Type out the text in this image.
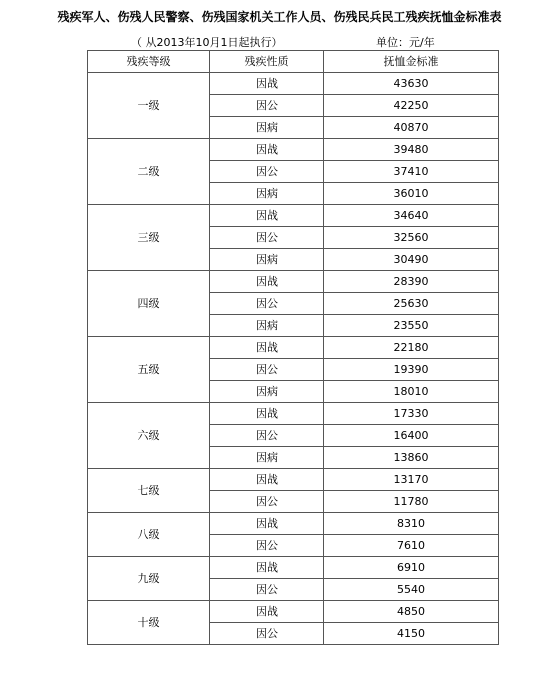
残疾军人、伤残人民警察、伤残国家机关工作人员、伤残民兵民工残疾抚恤金标准表
（ 从2013年10月1日起执行）	单位：元/年
残疾等级	残疾性质	抚恤金标准
一级	因战	43630
	因公	42250
	因病	40870
二级	因战	39480
	因公	37410
	因病	36010
三级	因战	34640
	因公	32560
	因病	30490
四级	因战	28390
	因公	25630
	因病	23550
五级	因战	22180
	因公	19390
	因病	18010
六级	因战	17330
	因公	16400
	因病	13860
七级	因战	13170
	因公	11780
八级	因战	8310
	因公	7610
九级	因战	6910
	因公	5540
十级	因战	4850
	因公	4150
